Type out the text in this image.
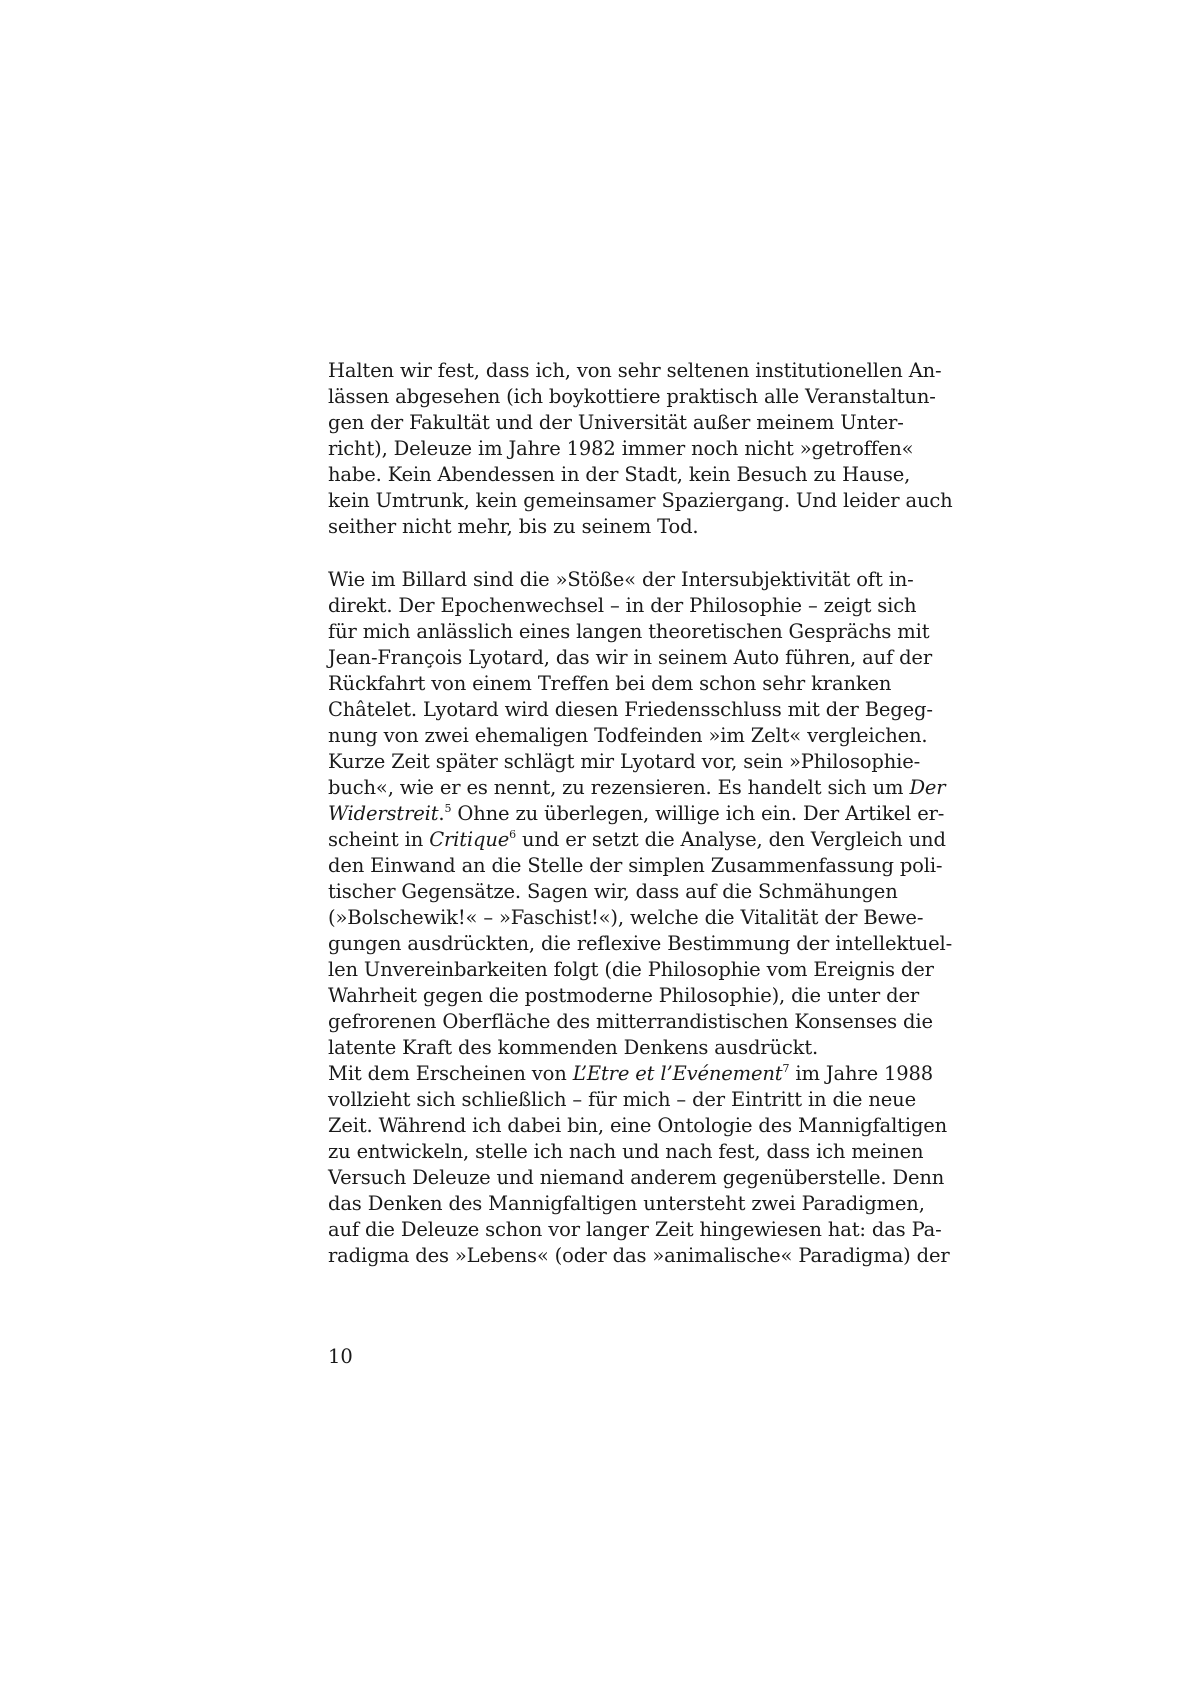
Halten wir fest, dass ich, von sehr seltenen institutionellen An-
lässen abgesehen (ich boykottiere praktisch alle Veranstaltun-
gen der Fakultät und der Universität außer meinem Unter-
richt), Deleuze im Jahre 1982 immer noch nicht »getroffen«
habe. Kein Abendessen in der Stadt, kein Besuch zu Hause,
kein Umtrunk, kein gemeinsamer Spaziergang. Und leider auch
seither nicht mehr, bis zu seinem Tod.
Wie im Billard sind die »Stöße« der Intersubjektivität oft in-
direkt. Der Epochenwechsel – in der Philosophie – zeigt sich
für mich anlässlich eines langen theoretischen Gesprächs mit
Jean-François Lyotard, das wir in seinem Auto führen, auf der
Rückfahrt von einem Treffen bei dem schon sehr kranken
Châtelet. Lyotard wird diesen Friedensschluss mit der Begeg-
nung von zwei ehemaligen Todfeinden »im Zelt« vergleichen.
Kurze Zeit später schlägt mir Lyotard vor, sein »Philosophie-
buch«, wie er es nennt, zu rezensieren. Es handelt sich um Der
Widerstreit.$^5$ Ohne zu überlegen, willige ich ein. Der Artikel er-
scheint in Critique$^6$ und er setzt die Analyse, den Vergleich und
den Einwand an die Stelle der simplen Zusammenfassung poli-
tischer Gegensätze. Sagen wir, dass auf die Schmähungen
(»Bolschewik!« – »Faschist!«), welche die Vitalität der Bewe-
gungen ausdrückten, die reflexive Bestimmung der intellektuel-
len Unvereinbarkeiten folgt (die Philosophie vom Ereignis der
Wahrheit gegen die postmoderne Philosophie), die unter der
gefrorenen Oberfläche des mitterrandistischen Konsenses die
latente Kraft des kommenden Denkens ausdrückt.
Mit dem Erscheinen von L’Etre et l’Evénement$^7$ im Jahre 1988
vollzieht sich schließlich – für mich – der Eintritt in die neue
Zeit. Während ich dabei bin, eine Ontologie des Mannigfaltigen
zu entwickeln, stelle ich nach und nach fest, dass ich meinen
Versuch Deleuze und niemand anderem gegenüberstelle. Denn
das Denken des Mannigfaltigen untersteht zwei Paradigmen,
auf die Deleuze schon vor langer Zeit hingewiesen hat: das Pa-
radigma des »Lebens« (oder das »animalische« Paradigma) der
10
